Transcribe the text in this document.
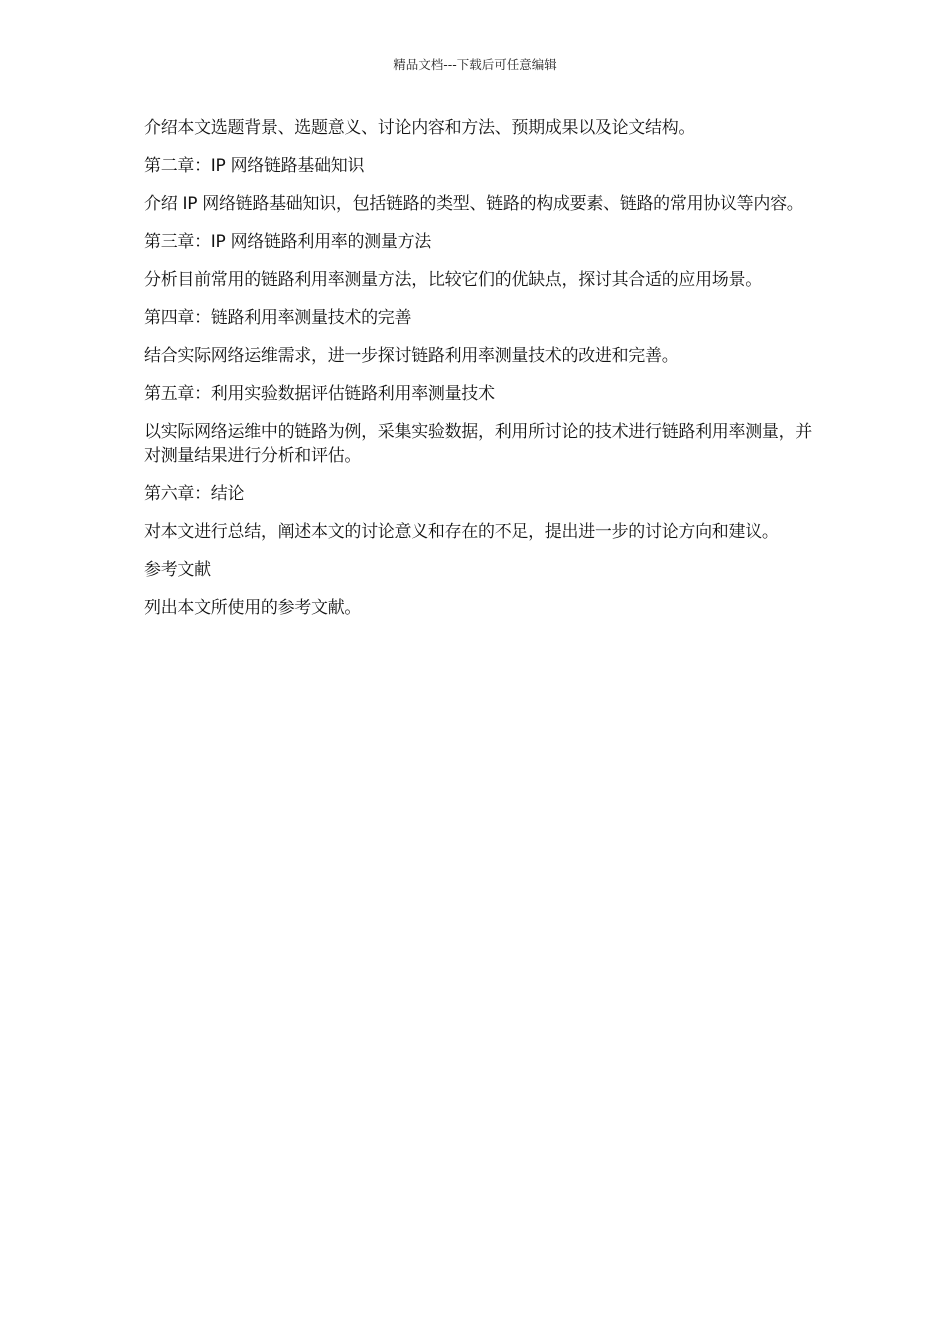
精品文档---下载后可任意编辑

介绍本文选题背景、选题意义、讨论内容和方法、预期成果以及论文结构。

第二章：IP 网络链路基础知识

介绍 IP 网络链路基础知识，包括链路的类型、链路的构成要素、链路的常用协议等内容。

第三章：IP 网络链路利用率的测量方法

分析目前常用的链路利用率测量方法，比较它们的优缺点，探讨其合适的应用场景。

第四章：链路利用率测量技术的完善

结合实际网络运维需求，进一步探讨链路利用率测量技术的改进和完善。

第五章：利用实验数据评估链路利用率测量技术

以实际网络运维中的链路为例，采集实验数据，利用所讨论的技术进行链路利用率测量，并对测量结果进行分析和评估。

第六章：结论

对本文进行总结，阐述本文的讨论意义和存在的不足，提出进一步的讨论方向和建议。

参考文献

列出本文所使用的参考文献。
